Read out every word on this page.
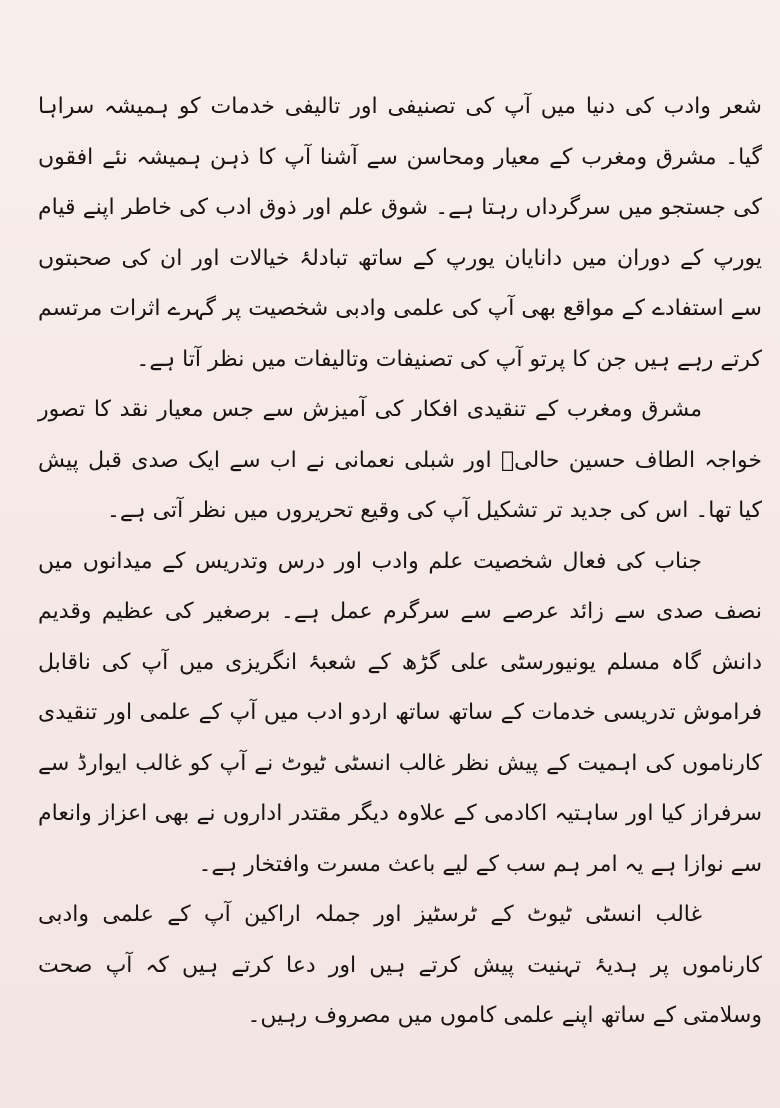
شعر وادب کی دنیا میں آپ کی تصنیفی اور تالیفی خدمات کو ہمیشہ سراہا گیا۔ مشرق ومغرب کے معیار ومحاسن سے آشنا آپ کا ذہن ہمیشہ نئے افقوں کی جستجو میں سرگرداں رہتا ہے۔ شوق علم اور ذوق ادب کی خاطر اپنے قیام یورپ کے دوران میں دانایان یورپ کے ساتھ تبادلۂ خیالات اور ان کی صحبتوں سے استفادے کے مواقع بھی آپ کی علمی وادبی شخصیت پر گہرے اثرات مرتسم کرتے رہے ہیں جن کا پرتو آپ کی تصنیفات وتالیفات میں نظر آتا ہے۔

مشرق ومغرب کے تنقیدی افکار کی آمیزش سے جس معیار نقد کا تصور خواجہ الطاف حسین حالیؔ اور شبلی نعمانی نے اب سے ایک صدی قبل پیش کیا تھا۔ اس کی جدید تر تشکیل آپ کی وقیع تحریروں میں نظر آتی ہے۔

جناب کی فعال شخصیت علم وادب اور درس وتدریس کے میدانوں میں نصف صدی سے زائد عرصے سے سرگرم عمل ہے۔ برصغیر کی عظیم وقدیم دانش گاہ مسلم یونیورسٹی علی گڑھ کے شعبۂ انگریزی میں آپ کی ناقابل فراموش تدریسی خدمات کے ساتھ ساتھ اردو ادب میں آپ کے علمی اور تنقیدی کارناموں کی اہمیت کے پیش نظر غالب انسٹی ٹیوٹ نے آپ کو غالب ایوارڈ سے سرفراز کیا اور ساہتیہ اکادمی کے علاوہ دیگر مقتدر اداروں نے بھی اعزاز وانعام سے نوازا ہے یہ امر ہم سب کے لیے باعث مسرت وافتخار ہے۔

غالب انسٹی ٹیوٹ کے ٹرسٹیز اور جملہ اراکین آپ کے علمی وادبی کارناموں پر ہدیۂ تہنیت پیش کرتے ہیں اور دعا کرتے ہیں کہ آپ صحت وسلامتی کے ساتھ اپنے علمی کاموں میں مصروف رہیں۔
